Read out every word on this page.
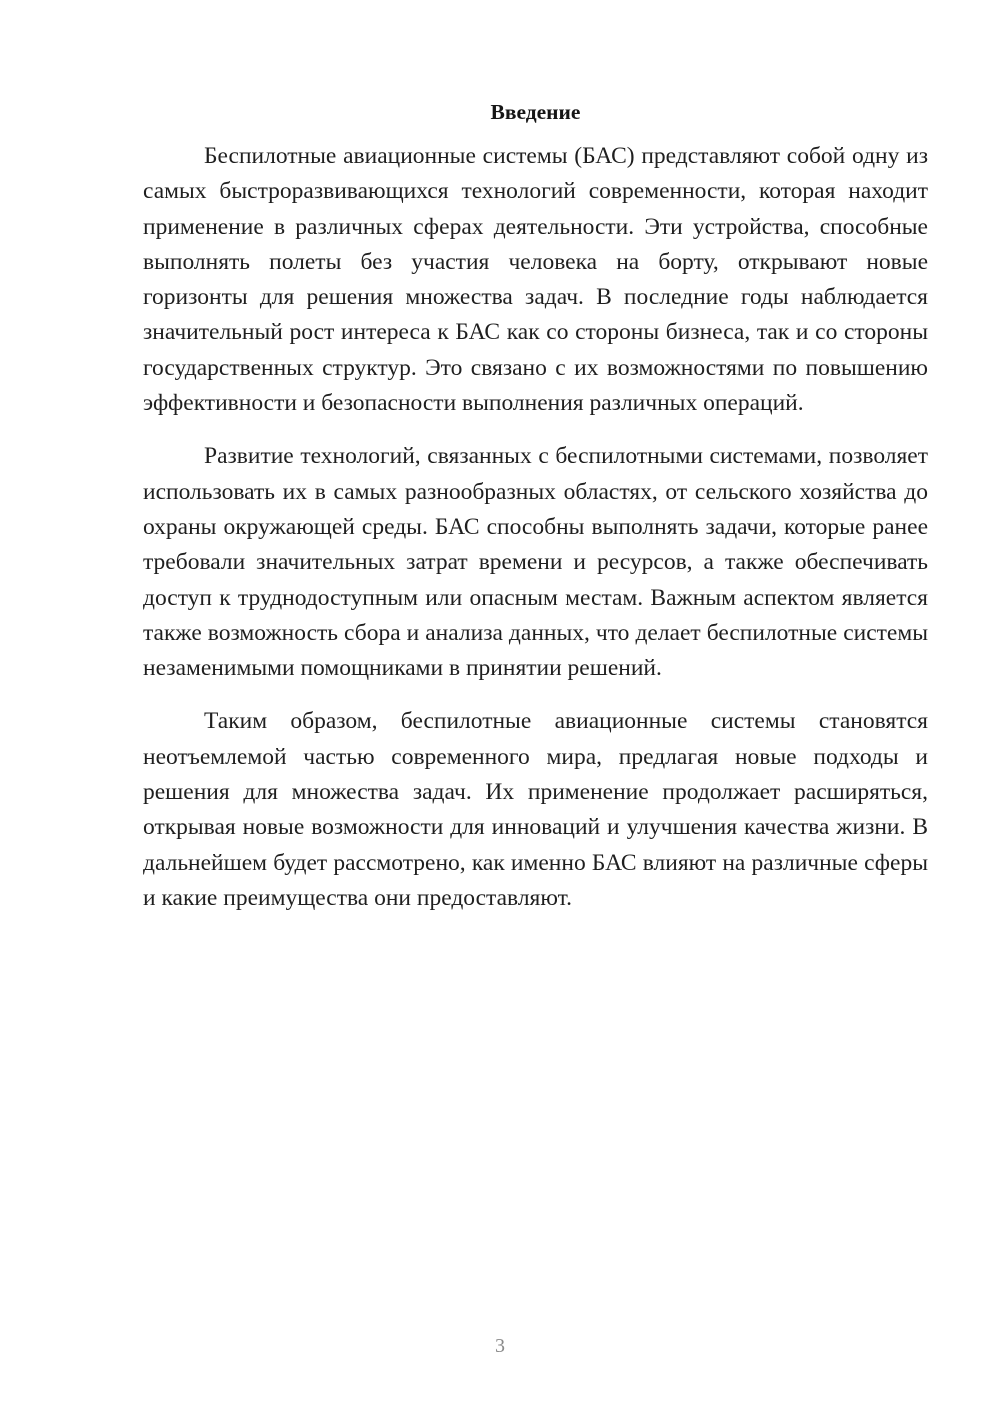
Введение

Беспилотные авиационные системы (БАС) представляют собой одну из самых быстроразвивающихся технологий современности, которая находит применение в различных сферах деятельности. Эти устройства, способные выполнять полеты без участия человека на борту, открывают новые горизонты для решения множества задач. В последние годы наблюдается значительный рост интереса к БАС как со стороны бизнеса, так и со стороны государственных структур. Это связано с их возможностями по повышению эффективности и безопасности выполнения различных операций.

Развитие технологий, связанных с беспилотными системами, позволяет использовать их в самых разнообразных областях, от сельского хозяйства до охраны окружающей среды. БАС способны выполнять задачи, которые ранее требовали значительных затрат времени и ресурсов, а также обеспечивать доступ к труднодоступным или опасным местам. Важным аспектом является также возможность сбора и анализа данных, что делает беспилотные системы незаменимыми помощниками в принятии решений.

Таким образом, беспилотные авиационные системы становятся неотъемлемой частью современного мира, предлагая новые подходы и решения для множества задач. Их применение продолжает расширяться, открывая новые возможности для инноваций и улучшения качества жизни. В дальнейшем будет рассмотрено, как именно БАС влияют на различные сферы и какие преимущества они предоставляют.

3
